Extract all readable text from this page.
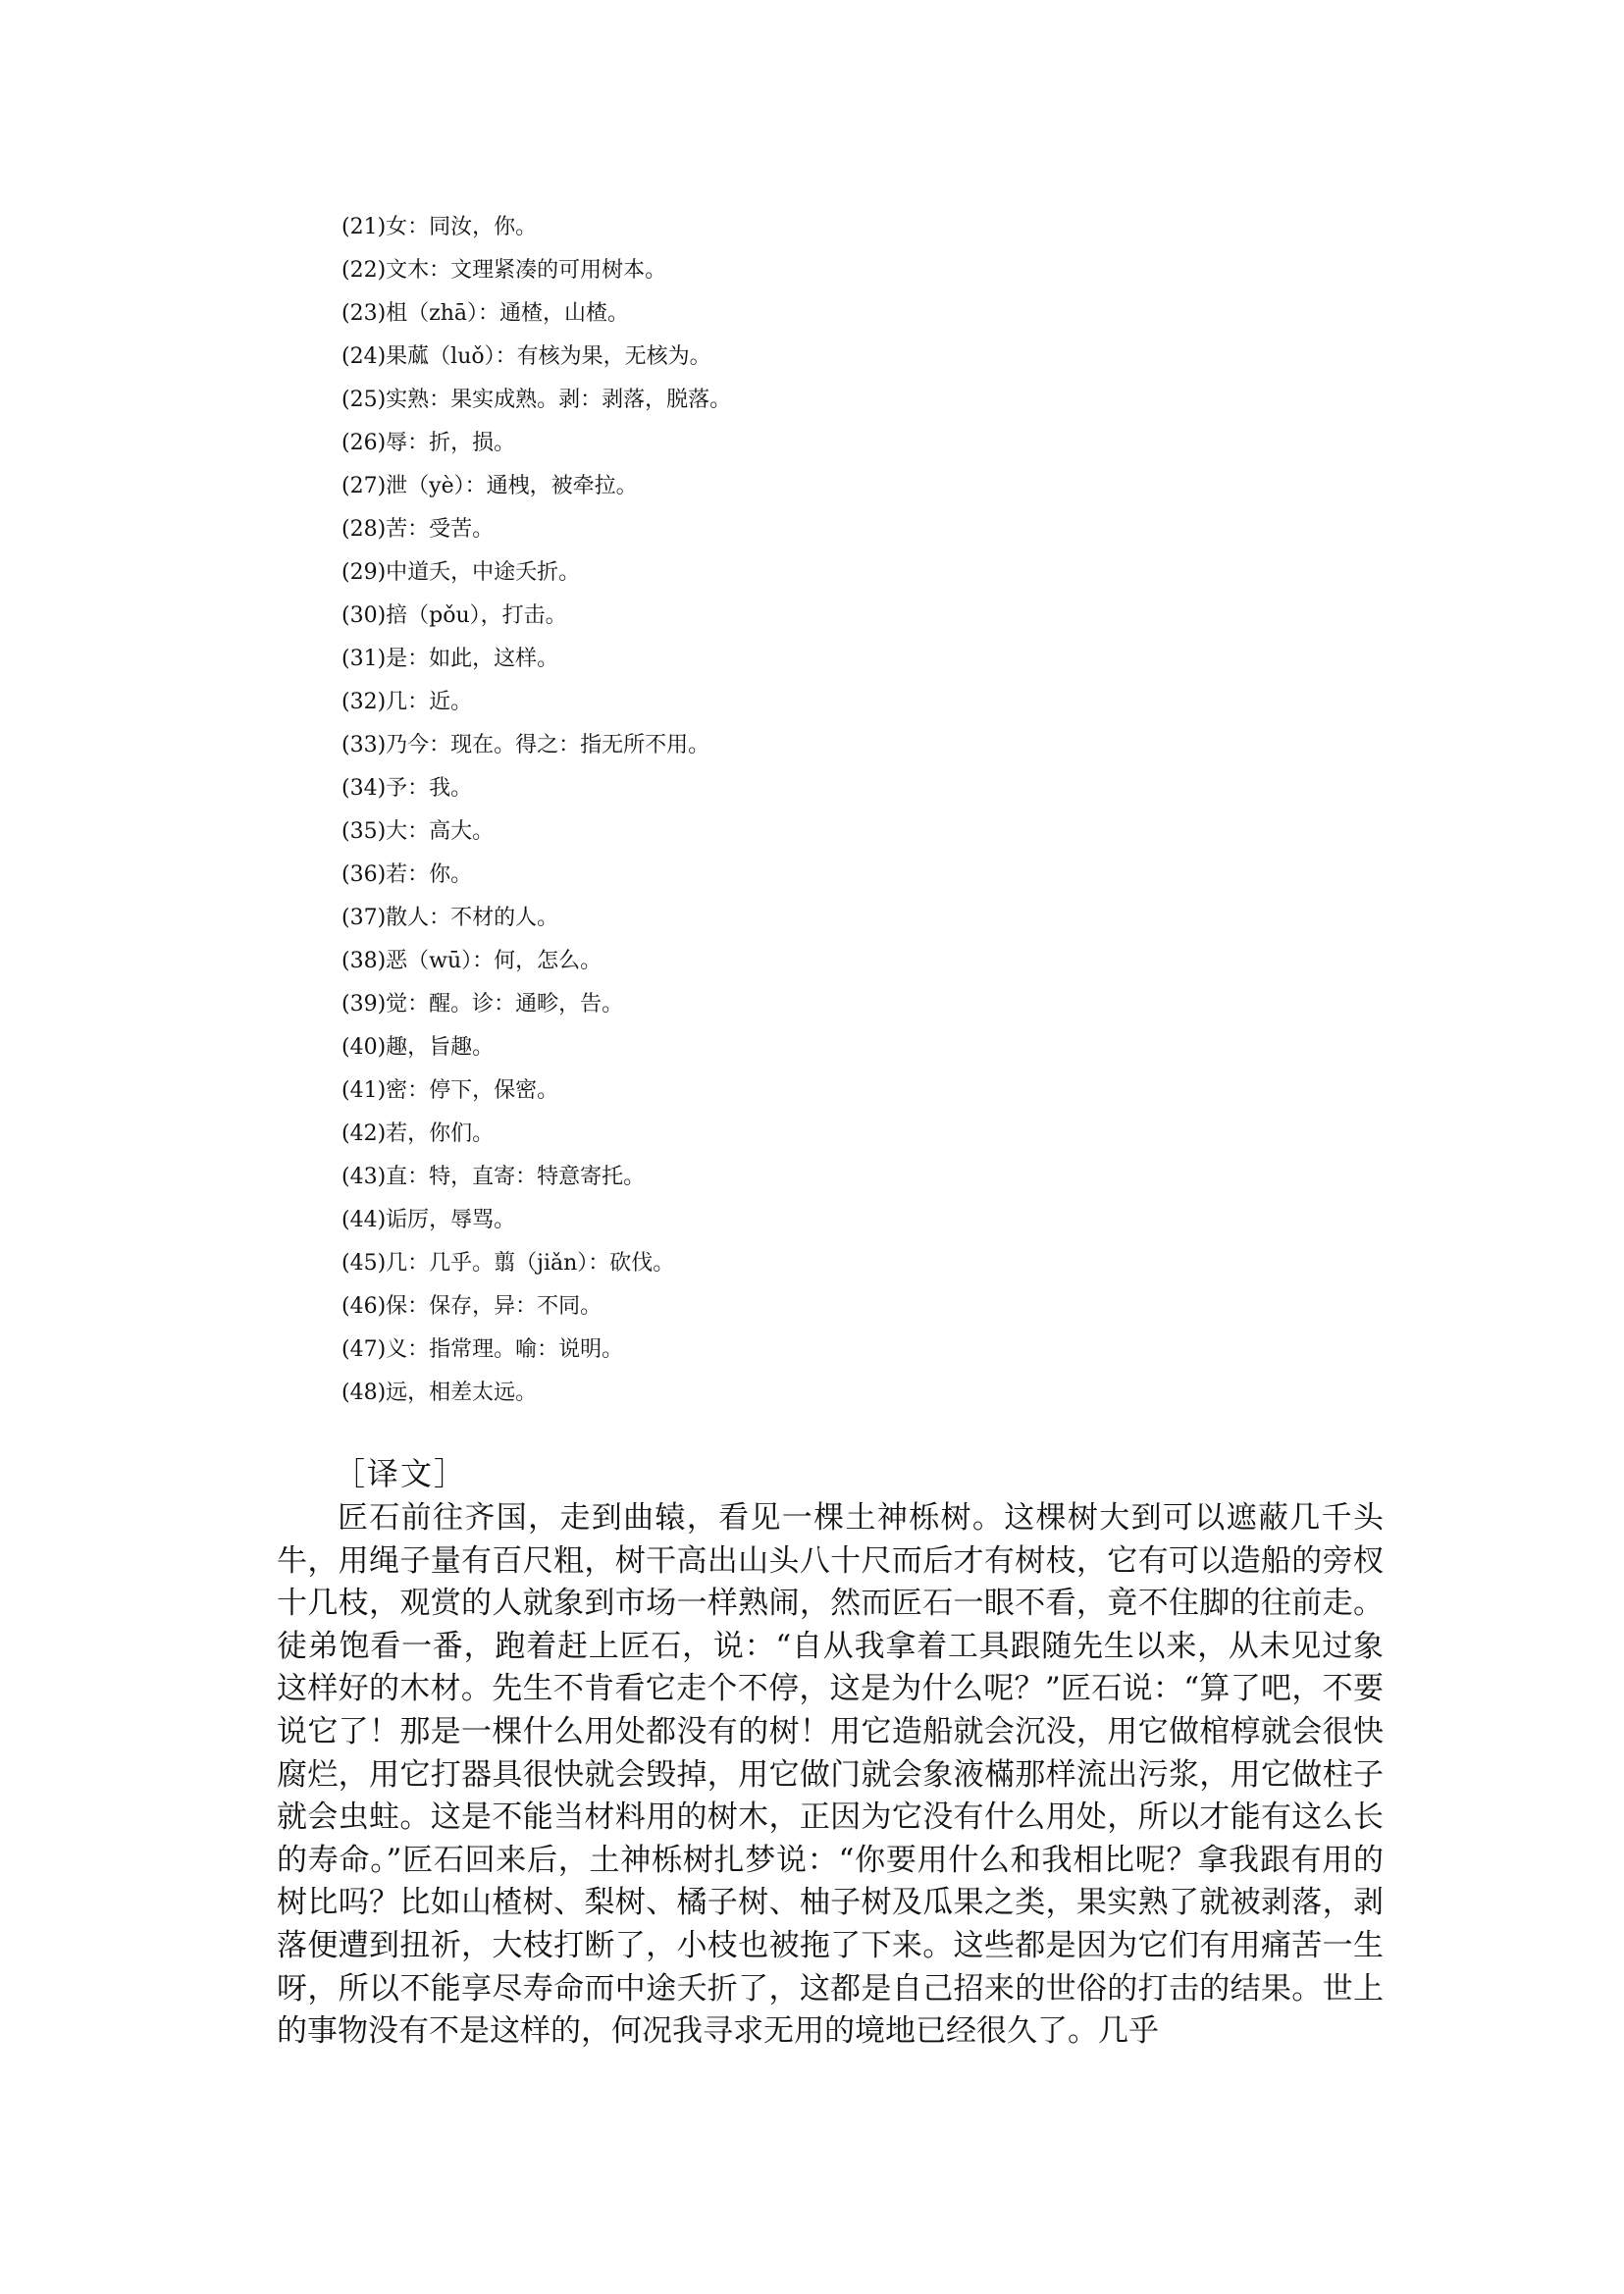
(21)女：同汝，你。
(22)文木：文理紧凑的可用树本。
(23)柤（zhā）：通楂，山楂。
(24)果蓏（luǒ）：有核为果，无核为。
(25)实熟：果实成熟。剥：剥落，脱落。
(26)辱：折，损。
(27)泄（yè）：通栧，被牵拉。
(28)苦：受苦。
(29)中道夭，中途夭折。
(30)掊（pǒu），打击。
(31)是：如此，这样。
(32)几：近。
(33)乃今：现在。得之：指无所不用。
(34)予：我。
(35)大：高大。
(36)若：你。
(37)散人：不材的人。
(38)恶（wū）：何，怎么。
(39)觉：醒。诊：通畛，告。
(40)趣，旨趣。
(41)密：停下，保密。
(42)若，你们。
(43)直：特，直寄：特意寄托。
(44)诟厉，辱骂。
(45)几：几乎。翦（jiǎn）：砍伐。
(46)保：保存，异：不同。
(47)义：指常理。喻：说明。
(48)远，相差太远。
［译文］

匠石前往齐国，走到曲辕，看见一棵土神栎树。这棵树大到可以遮蔽几千头牛，用绳子量有百尺粗，树干高出山头八十尺而后才有树枝，它有可以造船的旁杈十几枝，观赏的人就象到市场一样熟闹，然而匠石一眼不看，竟不住脚的往前走。徒弟饱看一番，跑着赶上匠石，说：“自从我拿着工具跟随先生以来，从未见过象这样好的木材。先生不肯看它走个不停，这是为什么呢？”匠石说：“算了吧，不要说它了！那是一棵什么用处都没有的树！用它造船就会沉没，用它做棺椁就会很快腐烂，用它打器具很快就会毁掉，用它做门就会象液樠那样流出污浆，用它做柱子就会虫蛀。这是不能当材料用的树木，正因为它没有什么用处，所以才能有这么长的寿命。”匠石回来后，土神栎树扎梦说：“你要用什么和我相比呢？拿我跟有用的树比吗？比如山楂树、梨树、橘子树、柚子树及瓜果之类，果实熟了就被剥落，剥落便遭到扭祈，大枝打断了，小枝也被拖了下来。这些都是因为它们有用痛苦一生呀，所以不能享尽寿命而中途夭折了，这都是自己招来的世俗的打击的结果。世上的事物没有不是这样的，何况我寻求无用的境地已经很久了。几乎
